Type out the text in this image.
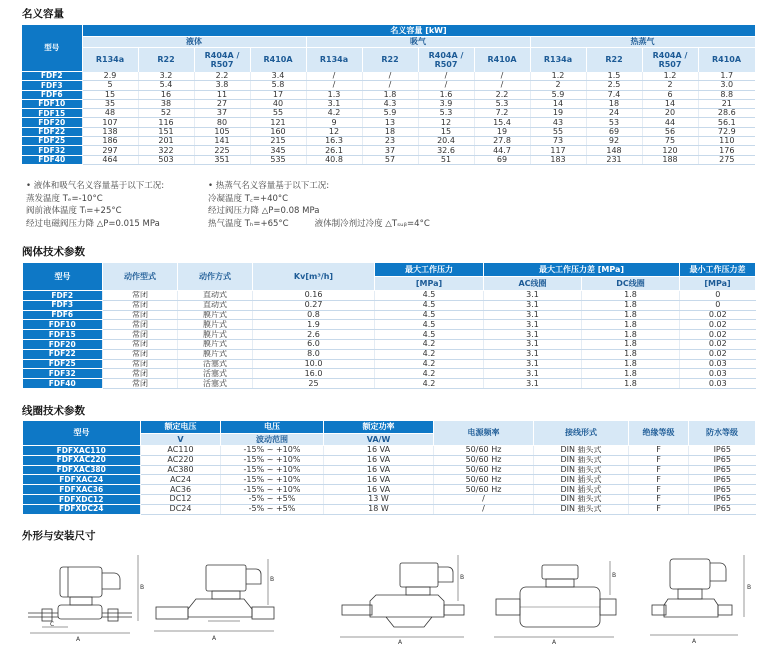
名义容量
型号	名义容量 [kW]											
	液体				吸气				热蒸气			
	R134a	R22	R404A / R507	R410A	R134a	R22	R404A / R507	R410A	R134a	R22	R404A / R507	R410A
FDF2	2.9	3.2	2.2	3.4	/	/	/	/	1.2	1.5	1.2	1.7
FDF3	5	5.4	3.8	5.8	/	/	/	/	2	2.5	2	3.0
FDF6	15	16	11	17	1.3	1.8	1.6	2.2	5.9	7.4	6	8.8
FDF10	35	38	27	40	3.1	4.3	3.9	5.3	14	18	14	21
FDF15	48	52	37	55	4.2	5.9	5.3	7.2	19	24	20	28.6
FDF20	107	116	80	121	9	13	12	15.4	43	53	44	56.1
FDF22	138	151	105	160	12	18	15	19	55	69	56	72.9
FDF25	186	201	141	215	16.3	23	20.4	27.8	73	92	75	110
FDF32	297	322	225	345	26.1	37	32.6	44.7	117	148	120	176
FDF40	464	503	351	535	40.8	57	51	69	183	231	188	275
• 液体和吸气名义容量基于以下工况:
蒸发温度 Tₑ=-10°C
阀前液体温度 Tₗ=+25°C
经过电磁阀压力降 △P=0.015 MPa
• 热蒸气名义容量基于以下工况:
冷凝温度 T꜀=+40°C
经过阀压力降 △P=0.08 MPa
热气温度 Tₕ=+65°C	液体制冷剂过冷度 △Tₛᵤᵦ=4°C
阀体技术参数
型号	动作型式	动作方式	Kv[m³/h]	最大工作压力	最大工作压力差 [MPa]		最小工作压力差
				[MPa]	AC线圈	DC线圈	[MPa]
FDF2	常闭	直动式	0.16	4.5	3.1	1.8	0
FDF3	常闭	直动式	0.27	4.5	3.1	1.8	0
FDF6	常闭	膜片式	0.8	4.5	3.1	1.8	0.02
FDF10	常闭	膜片式	1.9	4.5	3.1	1.8	0.02
FDF15	常闭	膜片式	2.6	4.5	3.1	1.8	0.02
FDF20	常闭	膜片式	6.0	4.2	3.1	1.8	0.02
FDF22	常闭	膜片式	8.0	4.2	3.1	1.8	0.02
FDF25	常闭	活塞式	10.0	4.2	3.1	1.8	0.03
FDF32	常闭	活塞式	16.0	4.2	3.1	1.8	0.03
FDF40	常闭	活塞式	25	4.2	3.1	1.8	0.03
线圈技术参数
型号	额定电压	电压	额定功率	电源频率	接线形式	绝缘等级	防水等级
	V	波动范围	VA/W				
FDFXAC110	AC110	-15% ~ +10%	16 VA	50/60 Hz	DIN 插头式	F	IP65
FDFXAC220	AC220	-15% ~ +10%	16 VA	50/60 Hz	DIN 插头式	F	IP65
FDFXAC380	AC380	-15% ~ +10%	16 VA	50/60 Hz	DIN 插头式	F	IP65
FDFXAC24	AC24	-15% ~ +10%	16 VA	50/60 Hz	DIN 插头式	F	IP65
FDFXAC36	AC36	-15% ~ +10%	16 VA	50/60 Hz	DIN 插头式	F	IP65
FDFXDC12	DC12	-5% ~ +5%	13 W	/	DIN 插头式	F	IP65
FDFXDC24	DC24	-5% ~ +5%	18 W	/	DIN 插头式	F	IP65
外形与安装尺寸
A
B
C
A
B
A
B
A
B
A
B
